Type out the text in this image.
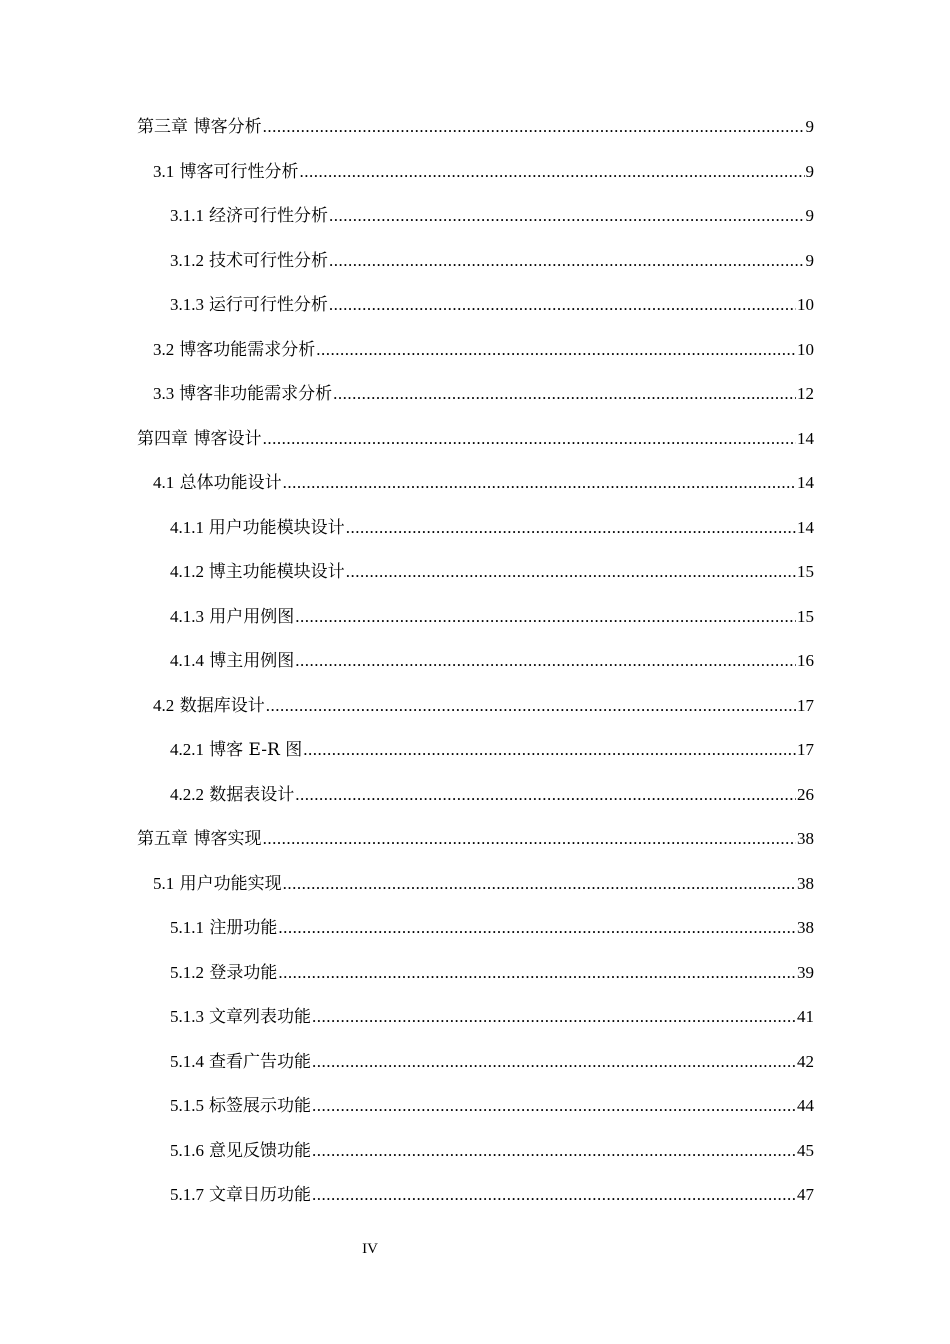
第三章 博客分析 .....	9
3.1 博客可行性分析 .....	9
3.1.1 经济可行性分析 .....	9
3.1.2 技术可行性分析 .....	9
3.1.3 运行可行性分析 .....	10
3.2 博客功能需求分析 .....	10
3.3 博客非功能需求分析 .....	12
第四章 博客设计 .....	14
4.1 总体功能设计 .....	14
4.1.1 用户功能模块设计 .....	14
4.1.2 博主功能模块设计 .....	15
4.1.3 用户用例图 .....	15
4.1.4 博主用例图 .....	16
4.2 数据库设计 .....	17
4.2.1 博客 E-R 图 .....	17
4.2.2 数据表设计 .....	26
第五章 博客实现 .....	38
5.1 用户功能实现 .....	38
5.1.1 注册功能 .....	38
5.1.2 登录功能 .....	39
5.1.3 文章列表功能 .....	41
5.1.4 查看广告功能 .....	42
5.1.5 标签展示功能 .....	44
5.1.6 意见反馈功能 .....	45
5.1.7 文章日历功能 .....	47
IV
